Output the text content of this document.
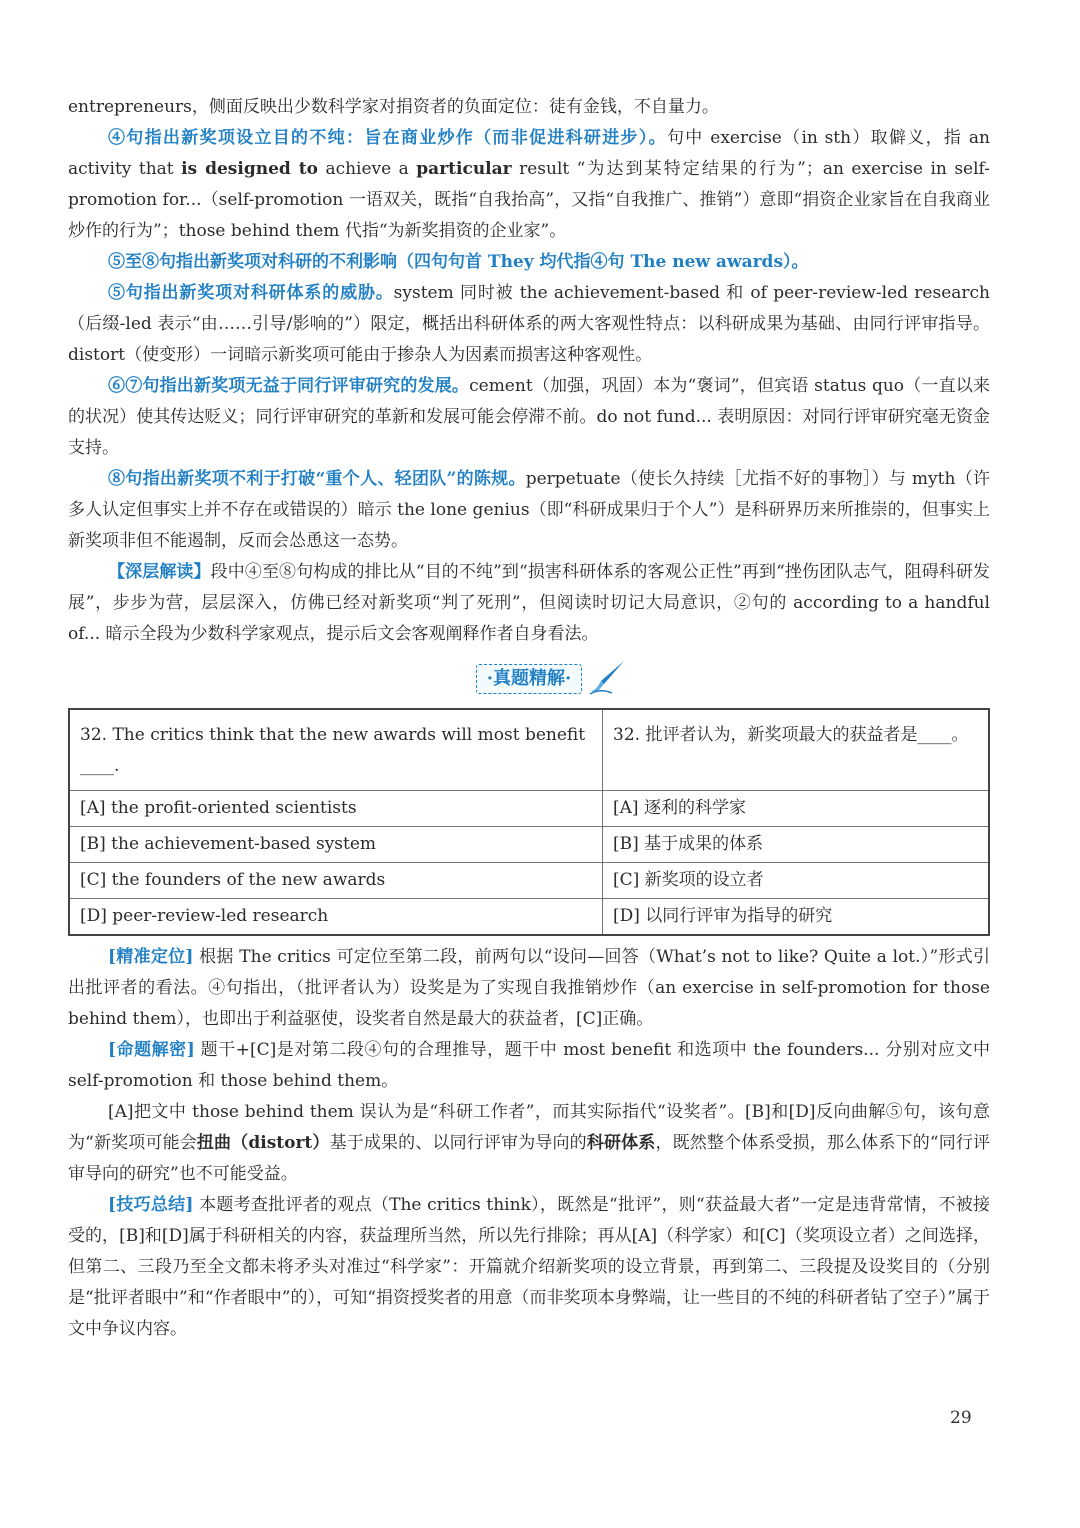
entrepreneurs，侧面反映出少数科学家对捐资者的负面定位：徒有金钱，不自量力。

④句指出新奖项设立目的不纯：旨在商业炒作（而非促进科研进步）。句中 exercise（in sth）取僻义，指 an activity that is designed to achieve a particular result “为达到某特定结果的行为”；an exercise in self-promotion for...（self-promotion 一语双关，既指“自我抬高”，又指“自我推广、推销”）意即“捐资企业家旨在自我商业炒作的行为”；those behind them 代指“为新奖捐资的企业家”。

⑤至⑧句指出新奖项对科研的不利影响（四句句首 They 均代指④句 The new awards）。

⑤句指出新奖项对科研体系的威胁。system 同时被 the achievement-based 和 of peer-review-led research（后缀-led 表示“由……引导/影响的”）限定，概括出科研体系的两大客观性特点：以科研成果为基础、由同行评审指导。distort（使变形）一词暗示新奖项可能由于掺杂人为因素而损害这种客观性。

⑥⑦句指出新奖项无益于同行评审研究的发展。cement（加强，巩固）本为“褒词”，但宾语 status quo（一直以来的状况）使其传达贬义；同行评审研究的革新和发展可能会停滞不前。do not fund... 表明原因：对同行评审研究毫无资金支持。

⑧句指出新奖项不利于打破“重个人、轻团队”的陈规。perpetuate（使长久持续［尤指不好的事物］）与 myth（许多人认定但事实上并不存在或错误的）暗示 the lone genius（即“科研成果归于个人”）是科研界历来所推崇的，但事实上新奖项非但不能遏制，反而会怂恿这一态势。

【深层解读】段中④至⑧句构成的排比从“目的不纯”到“损害科研体系的客观公正性”再到“挫伤团队志气，阻碍科研发展”，步步为营，层层深入，仿佛已经对新奖项“判了死刑”，但阅读时切记大局意识，②句的 according to a handful of... 暗示全段为少数科学家观点，提示后文会客观阐释作者自身看法。

·真题精解·
32. The critics think that the new awards will most benefit ____.	32. 批评者认为，新奖项最大的获益者是____。
[A] the profit-oriented scientists	[A] 逐利的科学家
[B] the achievement-based system	[B] 基于成果的体系
[C] the founders of the new awards	[C] 新奖项的设立者
[D] peer-review-led research	[D] 以同行评审为指导的研究

[精准定位] 根据 The critics 可定位至第二段，前两句以“设问—回答（What’s not to like? Quite a lot.）”形式引出批评者的看法。④句指出，（批评者认为）设奖是为了实现自我推销炒作（an exercise in self-promotion for those behind them），也即出于利益驱使，设奖者自然是最大的获益者，[C]正确。

[命题解密] 题干+[C]是对第二段④句的合理推导，题干中 most benefit 和选项中 the founders... 分别对应文中 self-promotion 和 those behind them。

[A]把文中 those behind them 误认为是“科研工作者”，而其实际指代“设奖者”。[B]和[D]反向曲解⑤句，该句意为“新奖项可能会扭曲（distort）基于成果的、以同行评审为导向的科研体系，既然整个体系受损，那么体系下的“同行评审导向的研究”也不可能受益。

[技巧总结] 本题考查批评者的观点（The critics think），既然是“批评”，则“获益最大者”一定是违背常情，不被接受的，[B]和[D]属于科研相关的内容，获益理所当然，所以先行排除；再从[A]（科学家）和[C]（奖项设立者）之间选择，但第二、三段乃至全文都未将矛头对准过“科学家”：开篇就介绍新奖项的设立背景，再到第二、三段提及设奖目的（分别是“批评者眼中”和“作者眼中”的），可知“捐资授奖者的用意（而非奖项本身弊端，让一些目的不纯的科研者钻了空子）”属于文中争议内容。

29
